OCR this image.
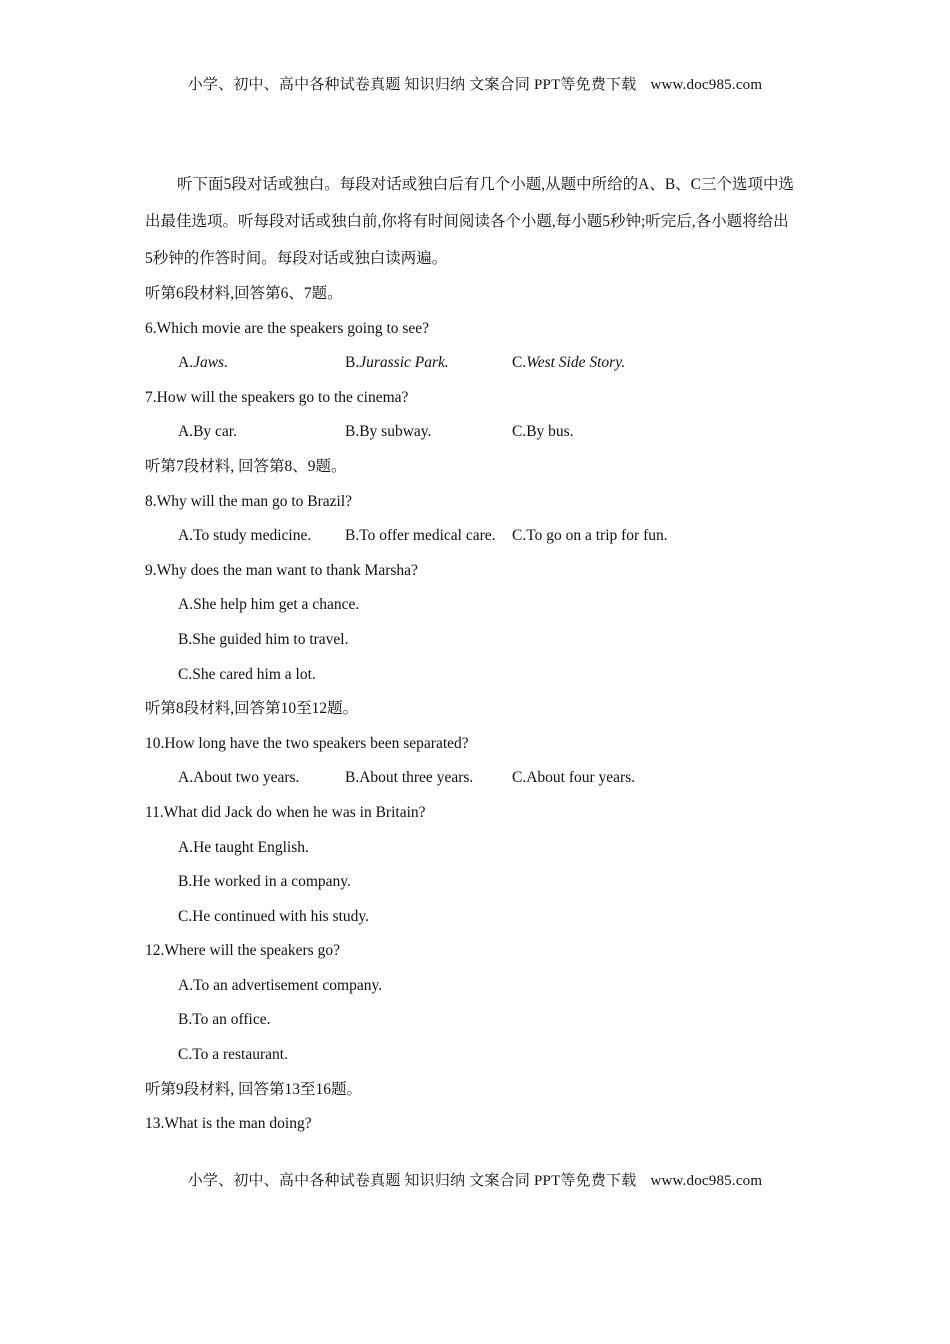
小学、初中、高中各种试卷真题 知识归纳 文案合同 PPT等免费下载 www.doc985.com

听下面5段对话或独白。每段对话或独白后有几个小题,从题中所给的A、B、C三个选项中选出最佳选项。听每段对话或独白前,你将有时间阅读各个小题,每小题5秒钟;听完后,各小题将给出5秒钟的作答时间。每段对话或独白读两遍。

听第6段材料,回答第6、7题。
6.Which movie are the speakers going to see?
A.Jaws.	B.Jurassic Park.	C.West Side Story.
7.How will the speakers go to the cinema?
A.By car.	B.By subway.	C.By bus.
听第7段材料, 回答第8、9题。
8.Why will the man go to Brazil?
A.To study medicine.	B.To offer medical care.	C.To go on a trip for fun.
9.Why does the man want to thank Marsha?
A.She help him get a chance.
B.She guided him to travel.
C.She cared him a lot.
听第8段材料,回答第10至12题。
10.How long have the two speakers been separated?
A.About two years.	B.About three years.	C.About four years.
11.What did Jack do when he was in Britain?
A.He taught English.
B.He worked in a company.
C.He continued with his study.
12.Where will the speakers go?
A.To an advertisement company.
B.To an office.
C.To a restaurant.
听第9段材料, 回答第13至16题。
13.What is the man doing?
小学、初中、高中各种试卷真题 知识归纳 文案合同 PPT等免费下载 www.doc985.com
